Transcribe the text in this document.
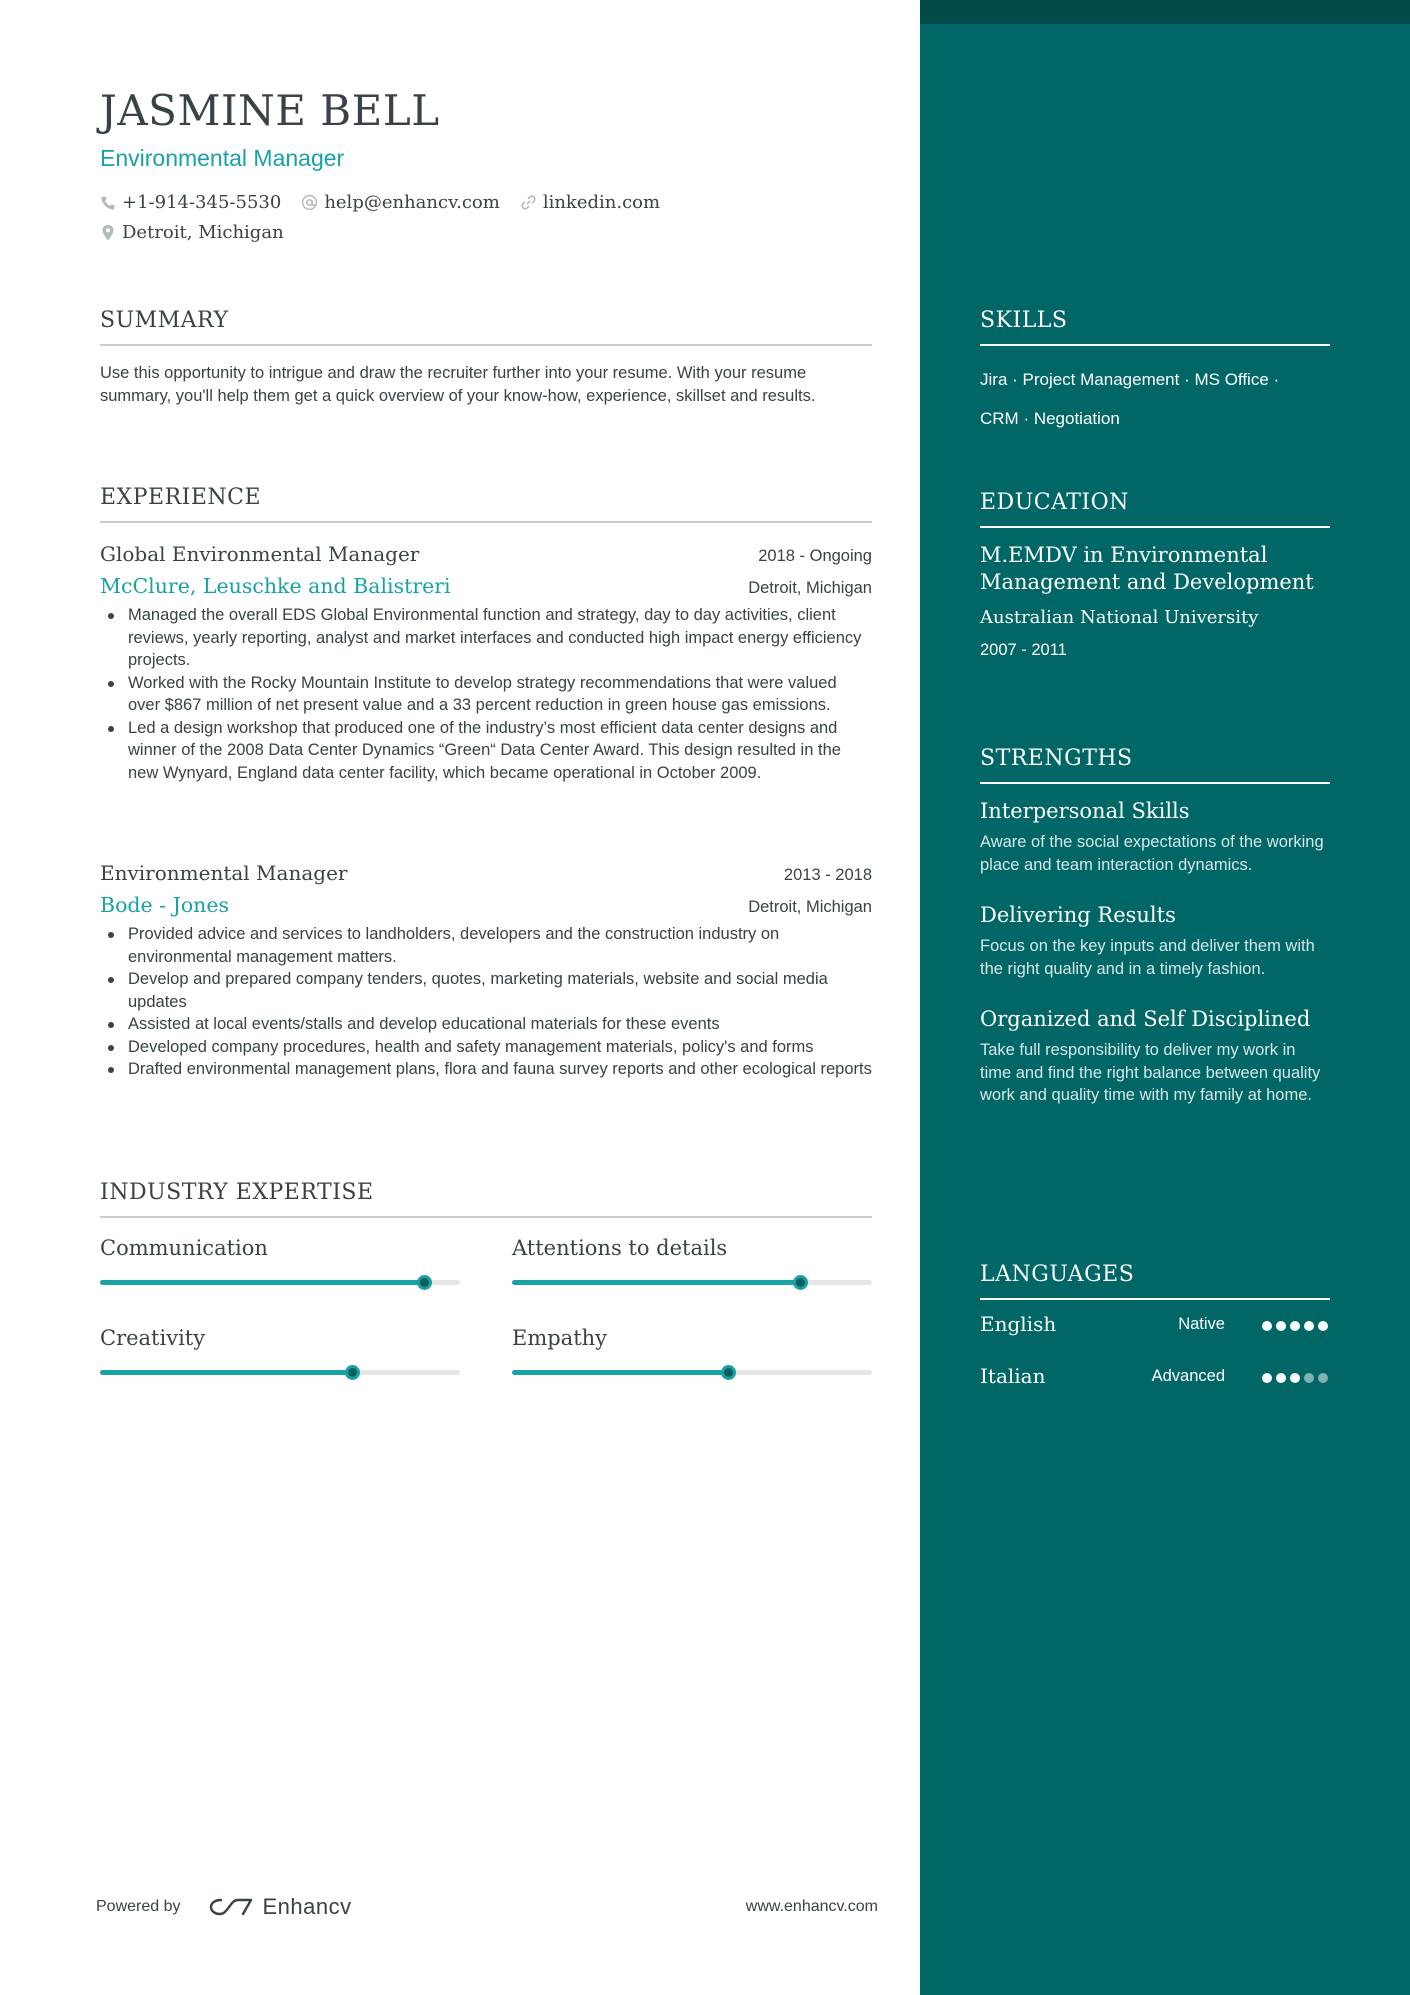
JASMINE BELL
Environmental Manager
+1-914-345-5530 help@enhancv.com linkedin.com
Detroit, Michigan
SUMMARY
Use this opportunity to intrigue and draw the recruiter further into your resume. With your resume summary, you'll help them get a quick overview of your know-how, experience, skillset and results.
EXPERIENCE
Global Environmental Manager	2018 - Ongoing
McClure, Leuschke and Balistreri	Detroit, Michigan
Managed the overall EDS Global Environmental function and strategy, day to day activities, client reviews, yearly reporting, analyst and market interfaces and conducted high impact energy efficiency projects.
Worked with the Rocky Mountain Institute to develop strategy recommendations that were valued over $867 million of net present value and a 33 percent reduction in green house gas emissions.
Led a design workshop that produced one of the industry’s most efficient data center designs and winner of the 2008 Data Center Dynamics “Green“ Data Center Award. This design resulted in the new Wynyard, England data center facility, which became operational in October 2009.
Environmental Manager	2013 - 2018
Bode - Jones	Detroit, Michigan
Provided advice and services to landholders, developers and the construction industry on environmental management matters.
Develop and prepared company tenders, quotes, marketing materials, website and social media updates
Assisted at local events/stalls and develop educational materials for these events
Developed company procedures, health and safety management materials, policy's and forms
Drafted environmental management plans, flora and fauna survey reports and other ecological reports
INDUSTRY EXPERTISE
Communication	Attentions to details
Creativity	Empathy
Powered by	Enhancv	www.enhancv.com
SKILLS
Jira · Project Management · MS Office ·
CRM · Negotiation
EDUCATION
M.EMDV in Environmental Management and Development
Australian National University
2007 - 2011
STRENGTHS
Interpersonal Skills
Aware of the social expectations of the working place and team interaction dynamics.
Delivering Results
Focus on the key inputs and deliver them with the right quality and in a timely fashion.
Organized and Self Disciplined
Take full responsibility to deliver my work in time and find the right balance between quality work and quality time with my family at home.
LANGUAGES
English	Native
Italian	Advanced
